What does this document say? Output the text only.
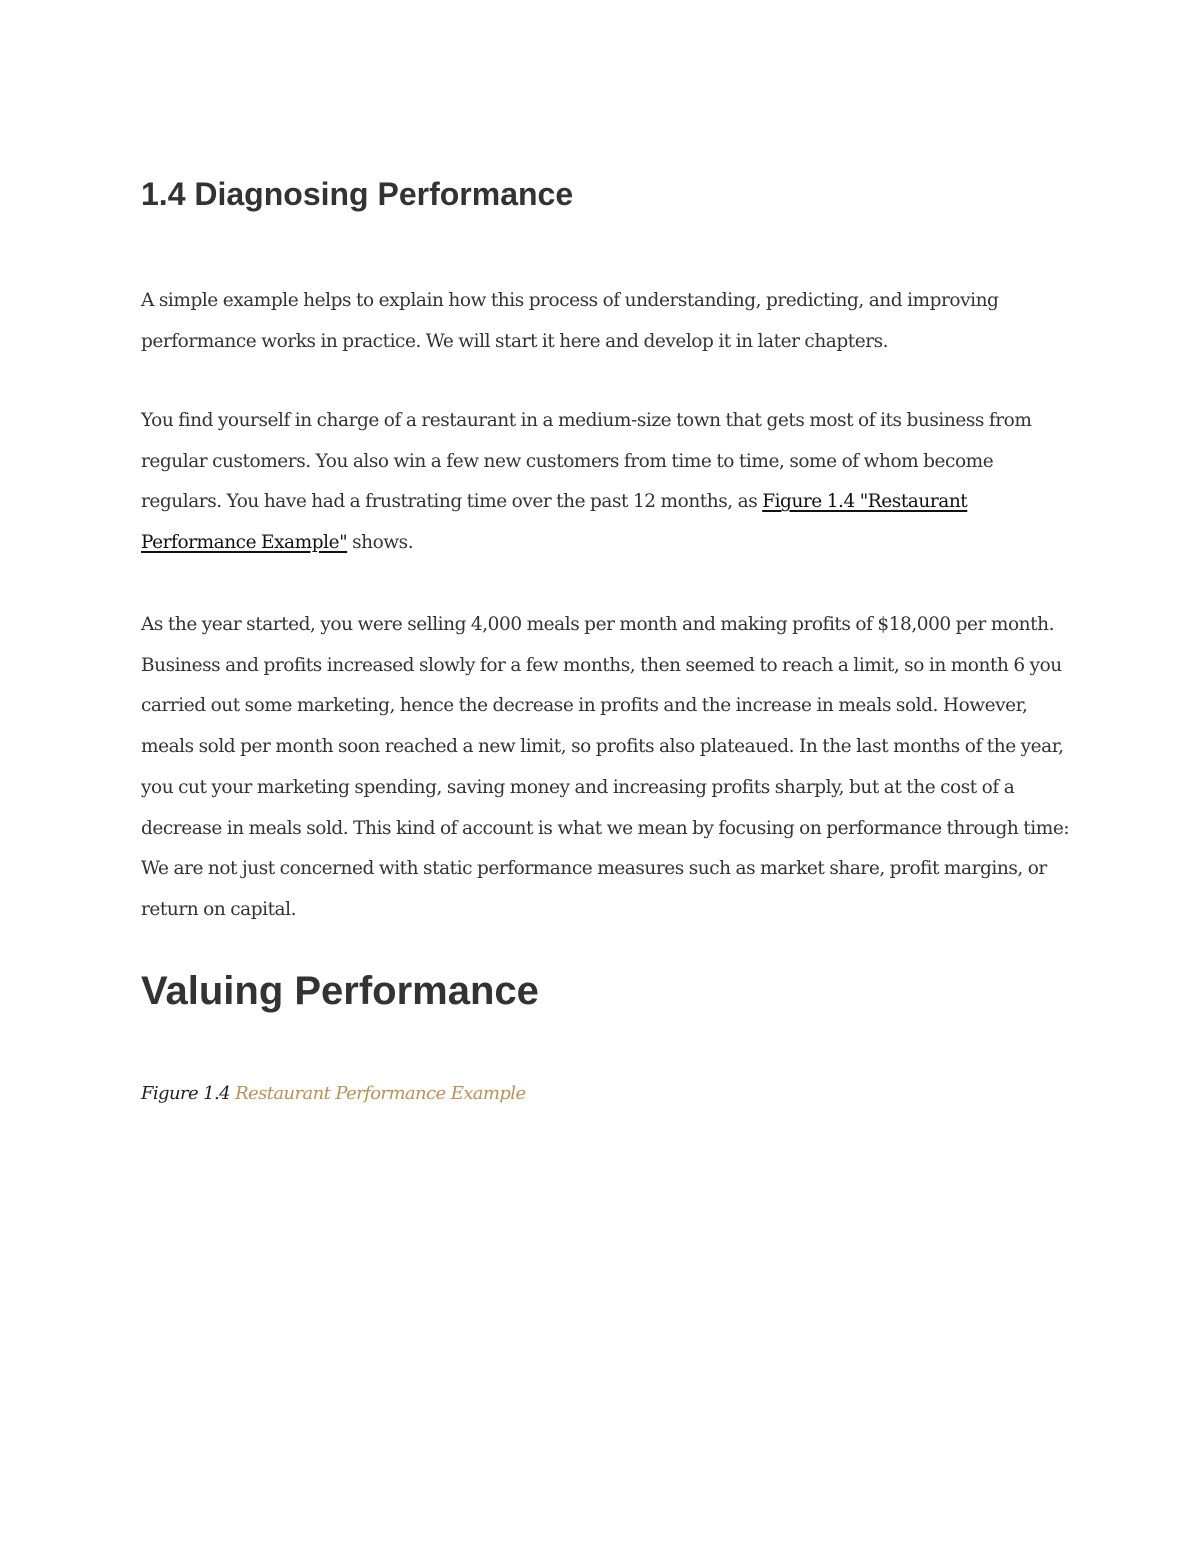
1.4 Diagnosing Performance

A simple example helps to explain how this process of understanding, predicting, and improving performance works in practice. We will start it here and develop it in later chapters.

You find yourself in charge of a restaurant in a medium-size town that gets most of its business from regular customers. You also win a few new customers from time to time, some of whom become regulars. You have had a frustrating time over the past 12 months, as Figure 1.4 "Restaurant Performance Example" shows.

As the year started, you were selling 4,000 meals per month and making profits of $18,000 per month. Business and profits increased slowly for a few months, then seemed to reach a limit, so in month 6 you carried out some marketing, hence the decrease in profits and the increase in meals sold. However, meals sold per month soon reached a new limit, so profits also plateaued. In the last months of the year, you cut your marketing spending, saving money and increasing profits sharply, but at the cost of a decrease in meals sold. This kind of account is what we mean by focusing on performance through time: We are not just concerned with static performance measures such as market share, profit margins, or return on capital.

Valuing Performance

Figure 1.4 Restaurant Performance Example
